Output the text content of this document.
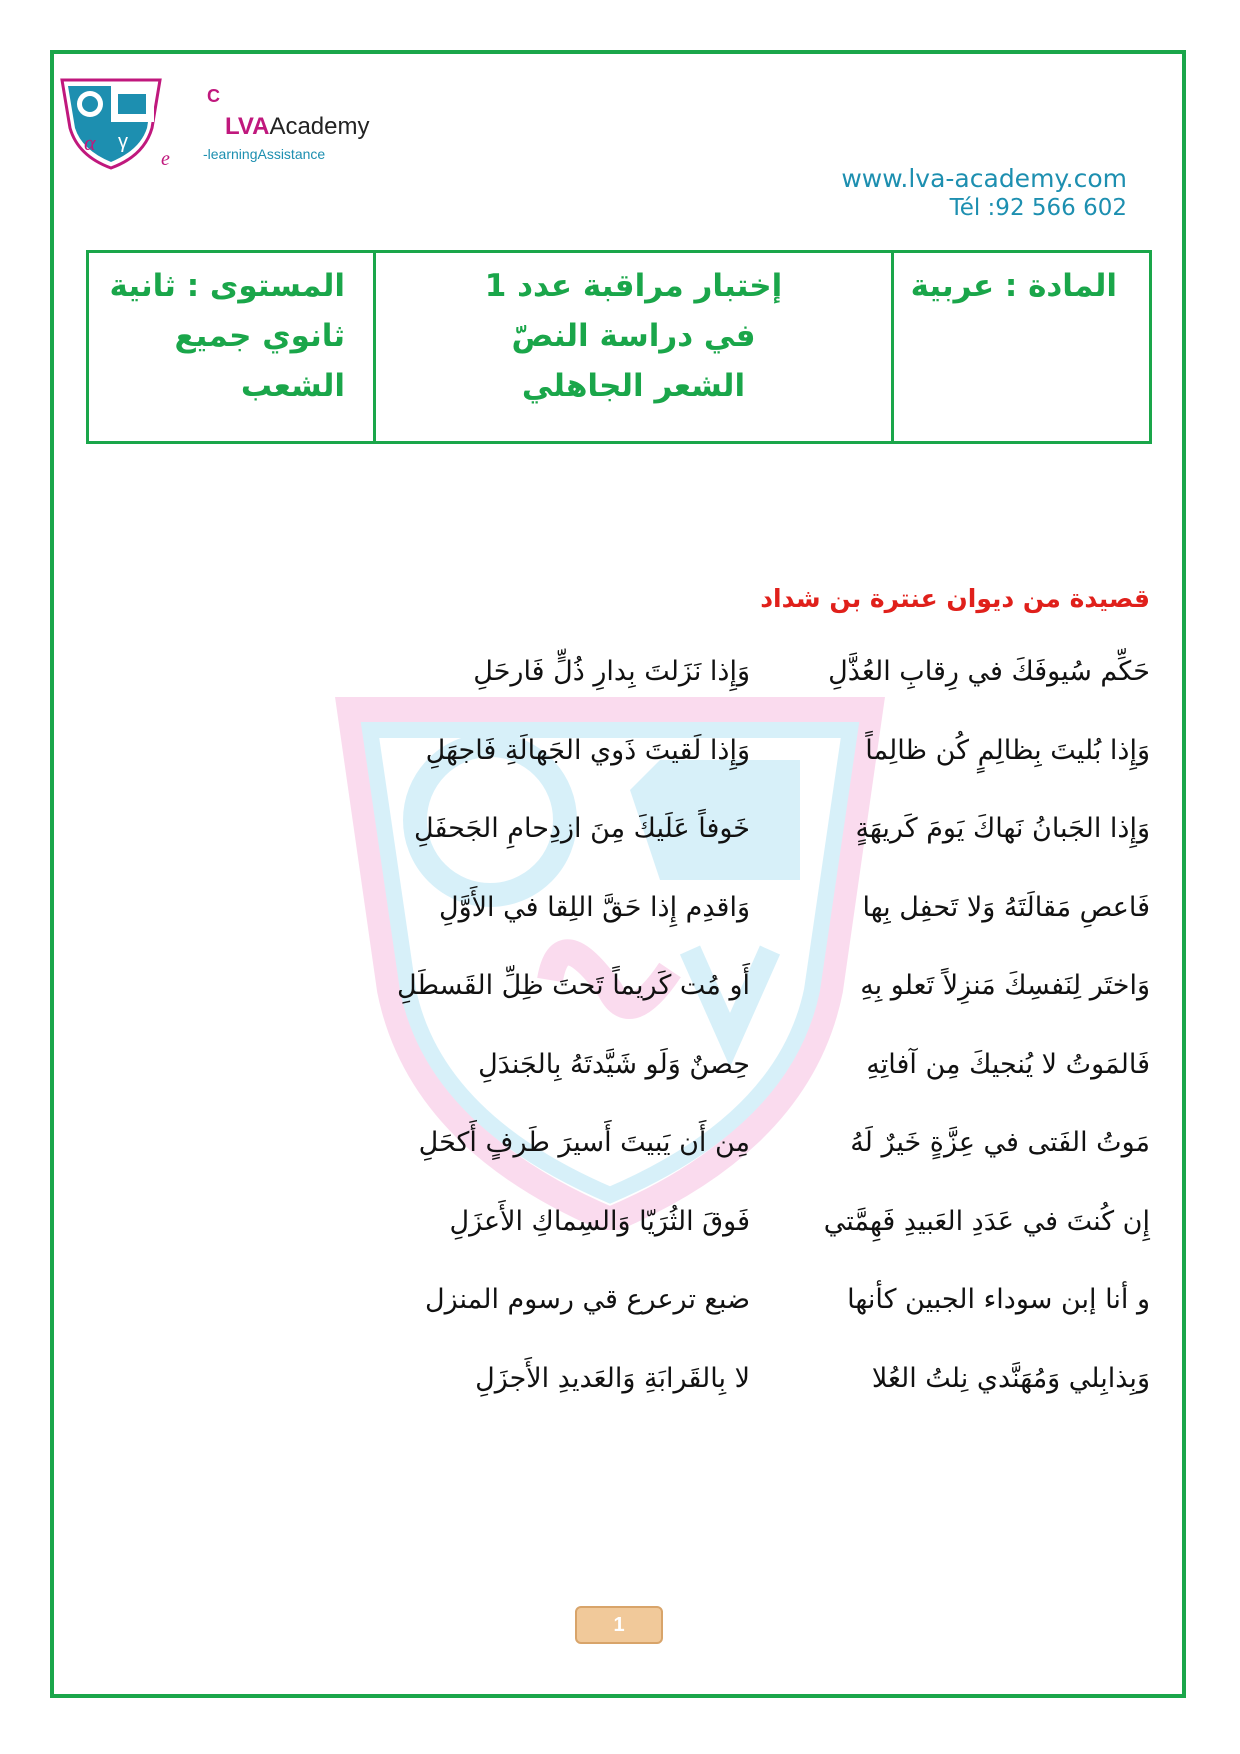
α γ
e
C
LVAAcademy
-learningAssistance
www.lva-academy.com
Tél :92 566 602
المادة : عربية
إختبار مراقبة عدد 1
في دراسة النصّ
الشعر الجاهلي
المستوى : ثانية
ثانوي جميع الشعب
قصيدة من ديوان عنترة بن شداد
حَكِّم سُيوفَكَ في رِقابِ العُذَّلِ
وَإِذا نَزَلتَ بِدارِ ذُلٍّ فَارحَلِ
وَإِذا بُليتَ بِظالِمٍ كُن ظالِماً
وَإِذا لَقيتَ ذَوي الجَهالَةِ فَاجهَلِ
وَإِذا الجَبانُ نَهاكَ يَومَ كَريهَةٍ
خَوفاً عَلَيكَ مِنَ ازدِحامِ الجَحفَلِ
فَاعصِ مَقالَتَهُ وَلا تَحفِل بِها
وَاقدِم إِذا حَقَّ اللِقا في الأَوَّلِ
وَاختَر لِنَفسِكَ مَنزِلاً تَعلو بِهِ
أَو مُت كَريماً تَحتَ ظِلِّ القَسطَلِ
فَالمَوتُ لا يُنجيكَ مِن آفاتِهِ
حِصنٌ وَلَو شَيَّدتَهُ بِالجَندَلِ
مَوتُ الفَتى في عِزَّةٍ خَيرٌ لَهُ
مِن أَن يَبيتَ أَسيرَ طَرفٍ أَكحَلِ
إِن كُنتَ في عَدَدِ العَبيدِ فَهِمَّتي
فَوقَ الثُرَيّا وَالسِماكِ الأَعزَلِ
و أنا إبن سوداء الجبين كأنها
ضبع ترعرع قي رسوم المنزل
وَبِذابِلي وَمُهَنَّدي نِلتُ العُلا
لا بِالقَرابَةِ وَالعَديدِ الأَجزَلِ
1
